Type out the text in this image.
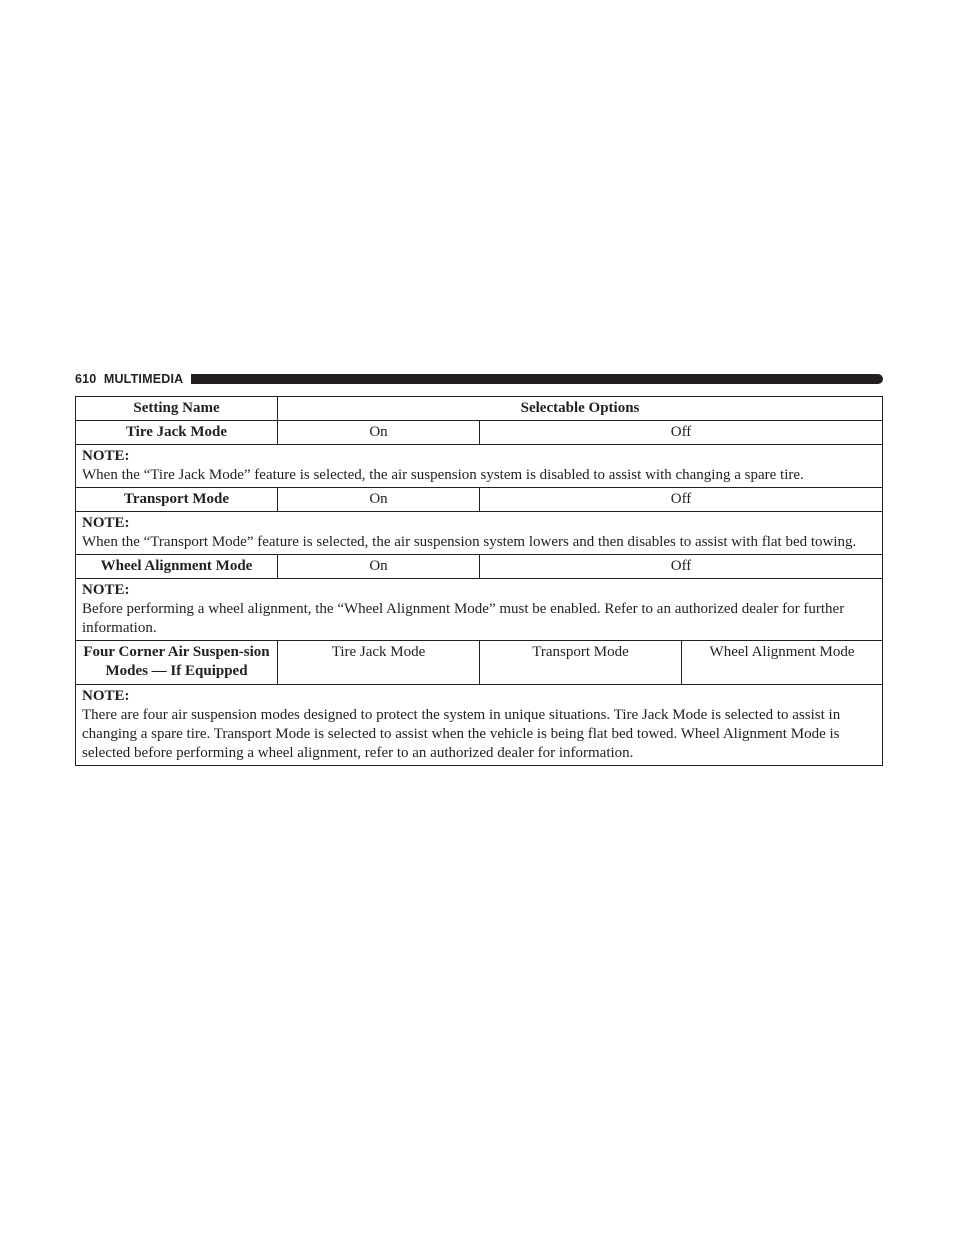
610 MULTIMEDIA
Setting Name	Selectable Options		
Tire Jack Mode	On	Off	

NOTE:
When the “Tire Jack Mode” feature is selected, the air suspension system is disabled to assist with changing a spare tire.			

Transport Mode	On	Off	

NOTE:
When the “Transport Mode” feature is selected, the air suspension system lowers and then disables to assist with flat bed towing.			

Wheel Alignment Mode	On	Off	

NOTE:
Before performing a wheel alignment, the “Wheel Alignment Mode” must be enabled. Refer to an authorized dealer for further information.			

Four Corner Air Suspen-sion Modes — If Equipped	Tire Jack Mode	Transport Mode	Wheel Alignment Mode

NOTE:
There are four air suspension modes designed to protect the system in unique situations. Tire Jack Mode is selected to assist in changing a spare tire. Transport Mode is selected to assist when the vehicle is being flat bed towed. Wheel Alignment Mode is selected before performing a wheel alignment, refer to an authorized dealer for information.			
